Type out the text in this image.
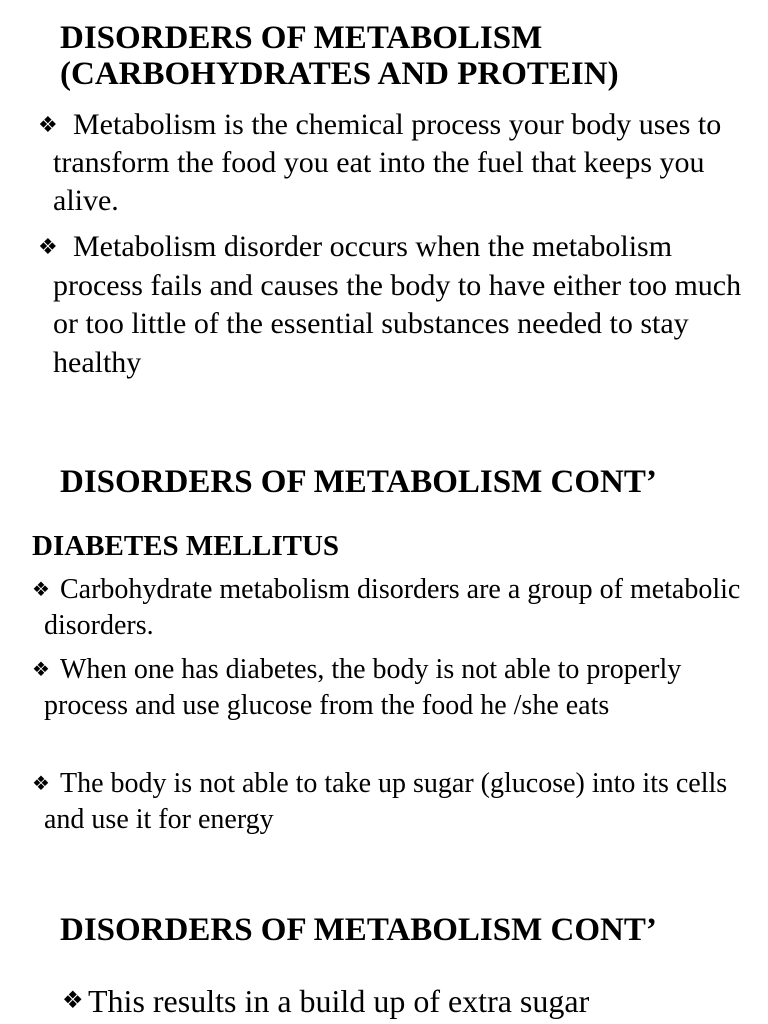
DISORDERS OF METABOLISM
(CARBOHYDRATES AND PROTEIN)

❖ Metabolism is the chemical process your body uses to transform the food you eat into the fuel that keeps you alive.

❖ Metabolism disorder occurs when the metabolism process fails and causes the body to have either too much or too little of the essential substances needed to stay healthy

DISORDERS OF METABOLISM CONT’
DIABETES MELLITUS

❖ Carbohydrate metabolism disorders are a group of metabolic disorders.

❖ When one has diabetes, the body is not able to properly process and use glucose from the food he /she eats

❖ The body is not able to take up sugar (glucose) into its cells and use it for energy

DISORDERS OF METABOLISM CONT’

❖ This results in a build up of extra sugar
